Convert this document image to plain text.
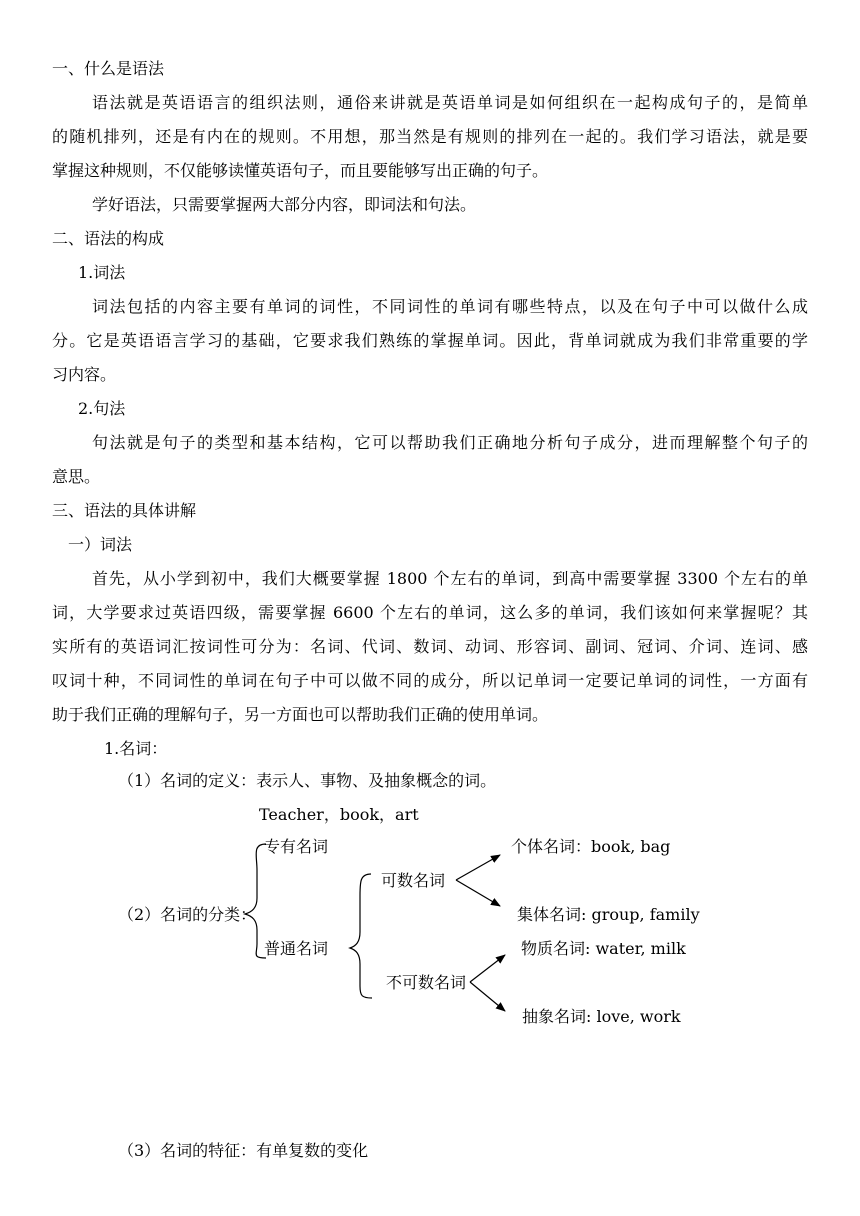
一、什么是语法
语法就是英语语言的组织法则，通俗来讲就是英语单词是如何组织在一起构成句子的，是简单
的随机排列，还是有内在的规则。不用想，那当然是有规则的排列在一起的。我们学习语法，就是要
掌握这种规则，不仅能够读懂英语句子，而且要能够写出正确的句子。
学好语法，只需要掌握两大部分内容，即词法和句法。
二、语法的构成
1.词法
词法包括的内容主要有单词的词性，不同词性的单词有哪些特点，以及在句子中可以做什么成
分。它是英语语言学习的基础，它要求我们熟练的掌握单词。因此，背单词就成为我们非常重要的学
习内容。
2.句法
句法就是句子的类型和基本结构，它可以帮助我们正确地分析句子成分，进而理解整个句子的
意思。
三、语法的具体讲解
一）词法
首先，从小学到初中，我们大概要掌握 1800 个左右的单词，到高中需要掌握 3300 个左右的单
词，大学要求过英语四级，需要掌握 6600 个左右的单词，这么多的单词，我们该如何来掌握呢？其
实所有的英语词汇按词性可分为：名词、代词、数词、动词、形容词、副词、冠词、介词、连词、感
叹词十种，不同词性的单词在句子中可以做不同的成分，所以记单词一定要记单词的词性，一方面有
助于我们正确的理解句子，另一方面也可以帮助我们正确的使用单词。
1.名词：
（1）名词的定义：表示人、事物、及抽象概念的词。
Teacher，book，art
（2）名词的分类：
专有名词
普通名词
可数名词
不可数名词
个体名词：book, bag
集体名词: group, family
物质名词: water, milk
抽象名词: love, work
（3）名词的特征：有单复数的变化
